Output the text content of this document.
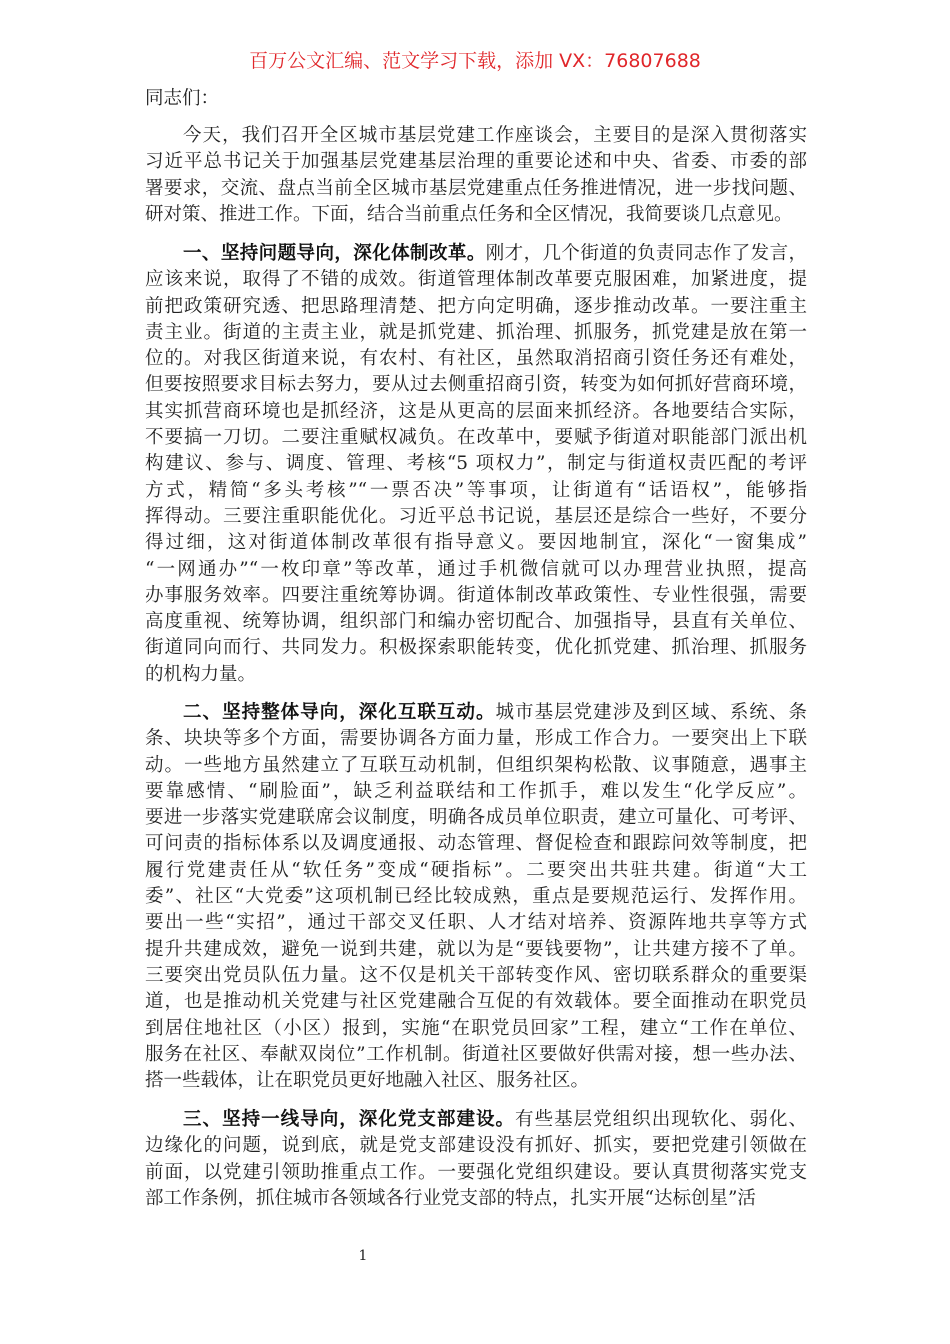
百万公文汇编、范文学习下载，添加 VX：76807688
同志们：
今天，我们召开全区城市基层党建工作座谈会，主要目的是深入贯彻落实
习近平总书记关于加强基层党建基层治理的重要论述和中央、省委、市委的部
署要求，交流、盘点当前全区城市基层党建重点任务推进情况，进一步找问题、
研对策、推进工作。下面，结合当前重点任务和全区情况，我简要谈几点意见。
一、坚持问题导向，深化体制改革。刚才，几个街道的负责同志作了发言，
应该来说，取得了不错的成效。街道管理体制改革要克服困难，加紧进度，提
前把政策研究透、把思路理清楚、把方向定明确，逐步推动改革。一要注重主
责主业。街道的主责主业，就是抓党建、抓治理、抓服务，抓党建是放在第一
位的。对我区街道来说，有农村、有社区，虽然取消招商引资任务还有难处，
但要按照要求目标去努力，要从过去侧重招商引资，转变为如何抓好营商环境，
其实抓营商环境也是抓经济，这是从更高的层面来抓经济。各地要结合实际，
不要搞一刀切。二要注重赋权减负。在改革中，要赋予街道对职能部门派出机
构建议、参与、调度、管理、考核“5 项权力”，制定与街道权责匹配的考评
方式，精简“多头考核”“一票否决”等事项，让街道有“话语权”，能够指
挥得动。三要注重职能优化。习近平总书记说，基层还是综合一些好，不要分
得过细，这对街道体制改革很有指导意义。要因地制宜，深化“一窗集成”
“一网通办”“一枚印章”等改革，通过手机微信就可以办理营业执照，提高
办事服务效率。四要注重统筹协调。街道体制改革政策性、专业性很强，需要
高度重视、统筹协调，组织部门和编办密切配合、加强指导，县直有关单位、
街道同向而行、共同发力。积极探索职能转变，优化抓党建、抓治理、抓服务
的机构力量。
二、坚持整体导向，深化互联互动。城市基层党建涉及到区域、系统、条
条、块块等多个方面，需要协调各方面力量，形成工作合力。一要突出上下联
动。一些地方虽然建立了互联互动机制，但组织架构松散、议事随意，遇事主
要靠感情、“刷脸面”，缺乏利益联结和工作抓手，难以发生“化学反应”。
要进一步落实党建联席会议制度，明确各成员单位职责，建立可量化、可考评、
可问责的指标体系以及调度通报、动态管理、督促检查和跟踪问效等制度，把
履行党建责任从“软任务”变成“硬指标”。二要突出共驻共建。街道“大工
委”、社区“大党委”这项机制已经比较成熟，重点是要规范运行、发挥作用。
要出一些“实招”，通过干部交叉任职、人才结对培养、资源阵地共享等方式
提升共建成效，避免一说到共建，就以为是“要钱要物”，让共建方接不了单。
三要突出党员队伍力量。这不仅是机关干部转变作风、密切联系群众的重要渠
道，也是推动机关党建与社区党建融合互促的有效载体。要全面推动在职党员
到居住地社区（小区）报到，实施“在职党员回家”工程，建立“工作在单位、
服务在社区、奉献双岗位”工作机制。街道社区要做好供需对接，想一些办法、
搭一些载体，让在职党员更好地融入社区、服务社区。
三、坚持一线导向，深化党支部建设。有些基层党组织出现软化、弱化、
边缘化的问题，说到底，就是党支部建设没有抓好、抓实，要把党建引领做在
前面，以党建引领助推重点工作。一要强化党组织建设。要认真贯彻落实党支
部工作条例，抓住城市各领域各行业党支部的特点，扎实开展“达标创星”活
1
